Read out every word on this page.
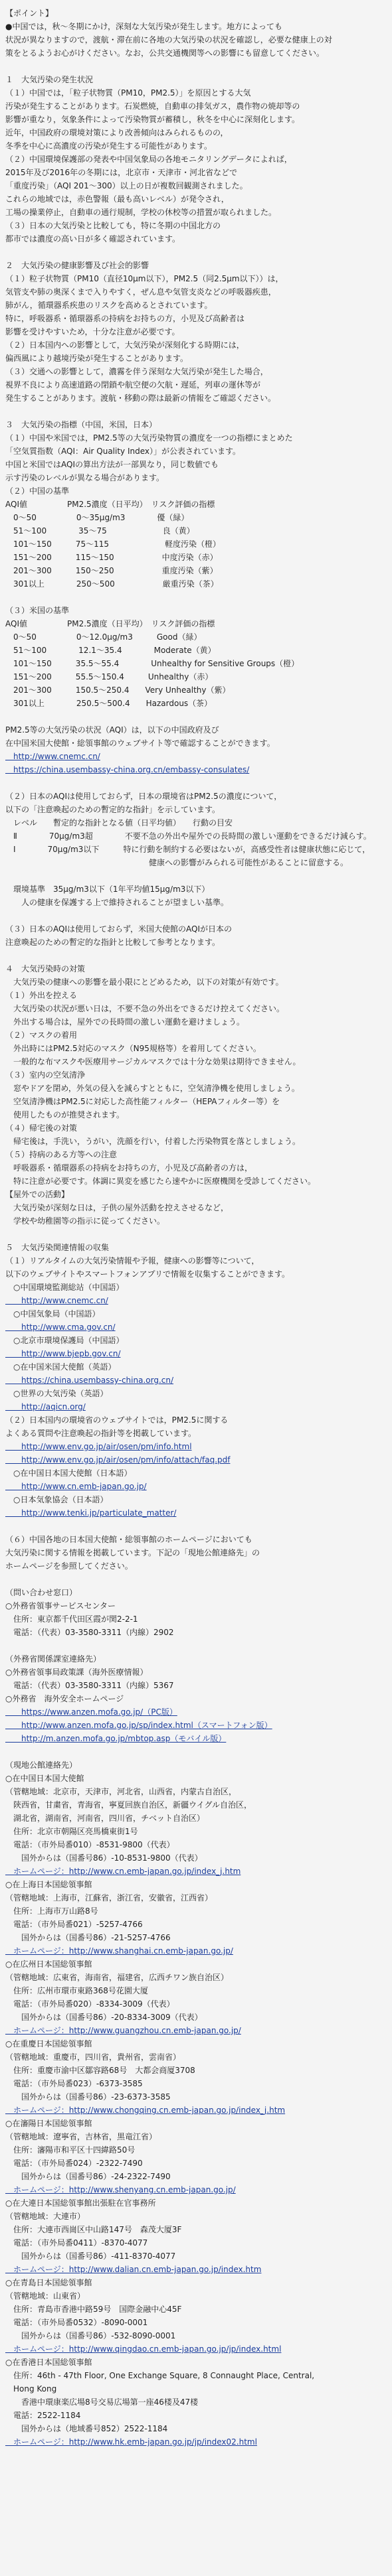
【ポイント】
●中国では，秋～冬期にかけ，深刻な大気汚染が発生します。地方によっても
状況が異なりますので，渡航・滞在前に各地の大気汚染の状況を確認し，必要な健康上の対
策をとるようお心がけください。なお，公共交通機関等への影響にも留意してください。
１　大気汚染の発生状況
（１）中国では，「粒子状物質（PM10，PM2.5）」を原因とする大気
汚染が発生することがあります。石炭燃焼，自動車の排気ガス，農作物の焼却等の
影響が重なり，気象条件によって汚染物質が蓄積し，秋冬を中心に深刻化します。
近年，中国政府の環境対策により改善傾向はみられるものの，
冬季を中心に高濃度の汚染が発生する可能性があります。
（２）中国環境保護部の発表や中国気象局の各地モニタリングデータによれば，
2015年及び2016年の冬期には，北京市・天津市・河北省などで
「重度汚染」（AQI 201～300）以上の日が複数回観測されました。
これらの地域では，赤色警報（最も高いレベル）が発令され，
工場の操業停止，自動車の通行規制，学校の休校等の措置が取られました。
（３）日本の大気汚染と比較しても，特に冬期の中国北方の
都市では濃度の高い日が多く確認されています。
２　大気汚染の健康影響及び社会的影響
（１）粒子状物質（PM10（直径10μm以下），PM2.5（同2.5μm以下））は，
気管支や肺の奥深くまで入りやすく，ぜん息や気管支炎などの呼吸器疾患，
肺がん，循環器系疾患のリスクを高めるとされています。
特に，呼吸器系・循環器系の持病をお持ちの方，小児及び高齢者は
影響を受けやすいため，十分な注意が必要です。
（２）日本国内への影響として，大気汚染が深刻化する時期には，
偏西風により越境汚染が発生することがあります。
（３）交通への影響として，濃霧を伴う深刻な大気汚染が発生した場合，
視界不良により高速道路の閉鎖や航空便の欠航・遅延，列車の運休等が
発生することがあります。渡航・移動の際は最新の情報をご確認ください。
３　大気汚染の指標（中国，米国，日本）
（１）中国や米国では，PM2.5等の大気汚染物質の濃度を一つの指標にまとめた
「空気質指数（AQI：Air Quality Index）」が公表されています。
中国と米国ではAQIの算出方法が一部異なり，同じ数値でも
示す汚染のレベルが異なる場合があります。
（２）中国の基準
AQI値　　　　　PM2.5濃度（日平均）　リスク評価の指標
　0～50　　　　　0～35μg/m3　　　　優（緑）
　51～100　　　　35～75　　　　　　　良（黄）
　101～150　　　75～115　　　　　　　軽度汚染（橙）
　151～200　　　115～150　　　　　　中度汚染（赤）
　201～300　　　150～250　　　　　　重度汚染（紫）
　301以上　　　　250～500　　　　　　厳重汚染（茶）
（３）米国の基準
AQI値　　　　　PM2.5濃度（日平均）　リスク評価の指標
　0～50　　　　　0～12.0μg/m3　　　Good（緑）
　51～100　　　　12.1～35.4　　　　Moderate（黄）
　101～150　　　35.5～55.4　　　　Unhealthy for Sensitive Groups（橙）
　151～200　　　55.5～150.4　　　Unhealthy（赤）
　201～300　　　150.5～250.4　　Very Unhealthy（紫）
　301以上　　　　250.5～500.4　　Hazardous（茶）
PM2.5等の大気汚染の状況（AQI）は，以下の中国政府及び
在中国米国大使館・総領事館のウェブサイト等で確認することができます。
　http://www.cnemc.cn/
　https://china.usembassy-china.org.cn/embassy-consulates/
（２）日本のAQIは使用しておらず，日本の環境省はPM2.5の濃度について，
以下の「注意喚起のための暫定的な指針」を示しています。
　レベル　　暫定的な指針となる値（日平均値）　　行動の目安
　Ⅱ　　　　70μg/m3超　　　　不要不急の外出や屋外での長時間の激しい運動をできるだけ減らす。
　Ⅰ　　　　70μg/m3以下　　　特に行動を制約する必要はないが，高感受性者は健康状態に応じて，
　　　　　　　　　　　　　　　　　　健康への影響がみられる可能性があることに留意する。
　環境基準　35μg/m3以下（1年平均値15μg/m3以下）
　　人の健康を保護する上で維持されることが望ましい基準。
（３）日本のAQIは使用しておらず，米国大使館のAQIが日本の
注意喚起のための暫定的な指針と比較して参考となります。
４　大気汚染時の対策
　大気汚染の健康への影響を最小限にとどめるため，以下の対策が有効です。
（１）外出を控える
　大気汚染の状況が悪い日は，不要不急の外出をできるだけ控えてください。
　外出する場合は，屋外での長時間の激しい運動を避けましょう。
（２）マスクの着用
　外出時にはPM2.5対応のマスク（N95規格等）を着用してください。
　一般的な布マスクや医療用サージカルマスクでは十分な効果は期待できません。
（３）室内の空気清浄
　窓やドアを閉め，外気の侵入を減らすとともに，空気清浄機を使用しましょう。
　空気清浄機はPM2.5に対応した高性能フィルター（HEPAフィルター等）を
　使用したものが推奨されます。
（４）帰宅後の対策
　帰宅後は，手洗い，うがい，洗顔を行い，付着した汚染物質を落としましょう。
（５）持病のある方等への注意
　呼吸器系・循環器系の持病をお持ちの方，小児及び高齢者の方は，
　特に注意が必要です。体調に異変を感じたら速やかに医療機関を受診してください。
【屋外での活動】
　大気汚染が深刻な日は，子供の屋外活動を控えさせるなど，
　学校や幼稚園等の指示に従ってください。
５　大気汚染関連情報の収集
（１）リアルタイムの大気汚染情報や予報，健康への影響等について，
以下のウェブサイトやスマートフォンアプリで情報を収集することができます。
　○中国環境監測総站（中国語）
　　http://www.cnemc.cn/
　○中国気象局（中国語）
　　http://www.cma.gov.cn/
　○北京市環境保護局（中国語）
　　http://www.bjepb.gov.cn/
　○在中国米国大使館（英語）
　　https://china.usembassy-china.org.cn/
　○世界の大気汚染（英語）
　　http://aqicn.org/
（２）日本国内の環境省のウェブサイトでは，PM2.5に関する
よくある質問や注意喚起の指針等を掲載しています。
　　http://www.env.go.jp/air/osen/pm/info.html
　　http://www.env.go.jp/air/osen/pm/info/attach/faq.pdf
　○在中国日本国大使館（日本語）
　　http://www.cn.emb-japan.go.jp/
　○日本気象協会（日本語）
　　http://www.tenki.jp/particulate_matter/
（６）中国各地の日本国大使館・総領事館のホームページにおいても
大気汚染に関する情報を掲載しています。下記の「現地公館連絡先」の
ホームページを参照してください。
（問い合わせ窓口）
○外務省領事サービスセンター
　住所：東京都千代田区霞が関2-2-1
　電話：（代表）03-3580-3311（内線）2902
（外務省関係課室連絡先）
○外務省領事局政策課（海外医療情報）
　電話：（代表）03-3580-3311（内線）5367
○外務省　海外安全ホームページ
　　https://www.anzen.mofa.go.jp/（PC版）
　　http://www.anzen.mofa.go.jp/sp/index.html（スマートフォン版）
　　http://m.anzen.mofa.go.jp/mbtop.asp（モバイル版）
（現地公館連絡先）
○在中国日本国大使館
（管轄地域：北京市，天津市，河北省，山西省，内蒙古自治区，
　陝西省，甘粛省，青海省，寧夏回族自治区，新疆ウイグル自治区，
　湖北省，湖南省，河南省，四川省，チベット自治区）
　住所：北京市朝陽区亮馬橋東街1号
　電話：（市外局番010）-8531-9800（代表）
　　国外からは（国番号86）-10-8531-9800（代表）
　ホームページ：http://www.cn.emb-japan.go.jp/index_j.htm
○在上海日本国総領事館
（管轄地域：上海市，江蘇省，浙江省，安徽省，江西省）
　住所：上海市万山路8号
　電話：（市外局番021）-5257-4766
　　国外からは（国番号86）-21-5257-4766
　ホームページ：http://www.shanghai.cn.emb-japan.go.jp/
○在広州日本国総領事館
（管轄地域：広東省，海南省，福建省，広西チワン族自治区）
　住所：広州市環市東路368号花園大厦
　電話：（市外局番020）-8334-3009（代表）
　　国外からは（国番号86）-20-8334-3009（代表）
　ホームページ：http://www.guangzhou.cn.emb-japan.go.jp/
○在重慶日本国総領事館
（管轄地域：重慶市，四川省，貴州省，雲南省）
　住所：重慶市渝中区鄒容路68号　大都会商厦3708
　電話：（市外局番023）-6373-3585
　　国外からは（国番号86）-23-6373-3585
　ホームページ：http://www.chongqing.cn.emb-japan.go.jp/index_j.htm
○在瀋陽日本国総領事館
（管轄地域：遼寧省，吉林省，黒竜江省）
　住所：瀋陽市和平区十四緯路50号
　電話：（市外局番024）-2322-7490
　　国外からは（国番号86）-24-2322-7490
　ホームページ：http://www.shenyang.cn.emb-japan.go.jp/
○在大連日本国総領事館出張駐在官事務所
（管轄地域：大連市）
　住所：大連市西崗区中山路147号　森茂大厦3F
　電話：（市外局番0411）-8370-4077
　　国外からは（国番号86）-411-8370-4077
　ホームページ：http://www.dalian.cn.emb-japan.go.jp/index.htm
○在青島日本国総領事館
（管轄地域：山東省）
　住所：青島市香港中路59号　国際金融中心45F
　電話：（市外局番0532）-8090-0001
　　国外からは（国番号86）-532-8090-0001
　ホームページ：http://www.qingdao.cn.emb-japan.go.jp/jp/index.html
○在香港日本国総領事館
　住所：46th - 47th Floor, One Exchange Square, 8 Connaught Place, Central,
　Hong Kong
　　香港中環康楽広場8号交易広場第一座46楼及47楼
　電話：2522-1184
　　国外からは（地域番号852）2522-1184
　ホームページ：http://www.hk.emb-japan.go.jp/jp/index02.html
